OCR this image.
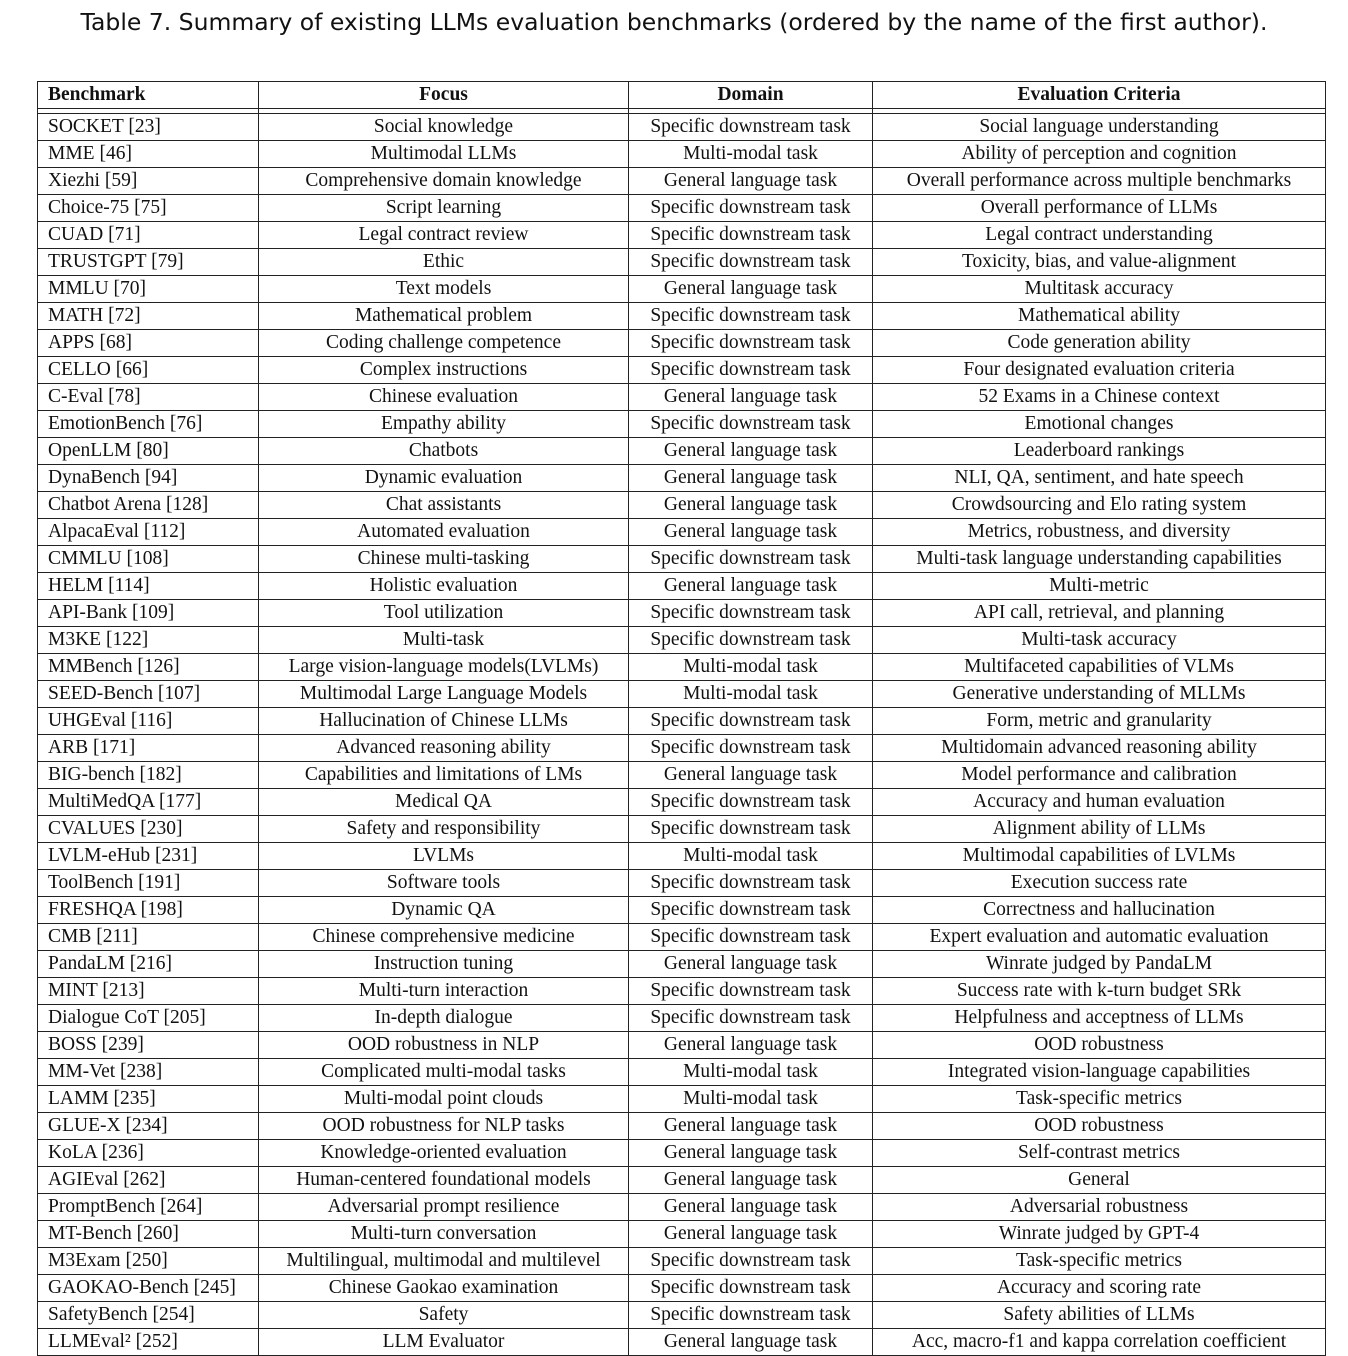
Table 7. Summary of existing LLMs evaluation benchmarks (ordered by the name of the first author).
Benchmark	Focus	Domain	Evaluation Criteria

SOCKET [23]	Social knowledge	Specific downstream task	Social language understanding
MME [46]	Multimodal LLMs	Multi-modal task	Ability of perception and cognition
Xiezhi [59]	Comprehensive domain knowledge	General language task	Overall performance across multiple benchmarks
Choice-75 [75]	Script learning	Specific downstream task	Overall performance of LLMs
CUAD [71]	Legal contract review	Specific downstream task	Legal contract understanding
TRUSTGPT [79]	Ethic	Specific downstream task	Toxicity, bias, and value-alignment
MMLU [70]	Text models	General language task	Multitask accuracy
MATH [72]	Mathematical problem	Specific downstream task	Mathematical ability
APPS [68]	Coding challenge competence	Specific downstream task	Code generation ability
CELLO [66]	Complex instructions	Specific downstream task	Four designated evaluation criteria
C-Eval [78]	Chinese evaluation	General language task	52 Exams in a Chinese context
EmotionBench [76]	Empathy ability	Specific downstream task	Emotional changes
OpenLLM [80]	Chatbots	General language task	Leaderboard rankings
DynaBench [94]	Dynamic evaluation	General language task	NLI, QA, sentiment, and hate speech
Chatbot Arena [128]	Chat assistants	General language task	Crowdsourcing and Elo rating system
AlpacaEval [112]	Automated evaluation	General language task	Metrics, robustness, and diversity
CMMLU [108]	Chinese multi-tasking	Specific downstream task	Multi-task language understanding capabilities
HELM [114]	Holistic evaluation	General language task	Multi-metric
API-Bank [109]	Tool utilization	Specific downstream task	API call, retrieval, and planning
M3KE [122]	Multi-task	Specific downstream task	Multi-task accuracy
MMBench [126]	Large vision-language models(LVLMs)	Multi-modal task	Multifaceted capabilities of VLMs
SEED-Bench [107]	Multimodal Large Language Models	Multi-modal task	Generative understanding of MLLMs
UHGEval [116]	Hallucination of Chinese LLMs	Specific downstream task	Form, metric and granularity
ARB [171]	Advanced reasoning ability	Specific downstream task	Multidomain advanced reasoning ability
BIG-bench [182]	Capabilities and limitations of LMs	General language task	Model performance and calibration
MultiMedQA [177]	Medical QA	Specific downstream task	Accuracy and human evaluation
CVALUES [230]	Safety and responsibility	Specific downstream task	Alignment ability of LLMs
LVLM-eHub [231]	LVLMs	Multi-modal task	Multimodal capabilities of LVLMs
ToolBench [191]	Software tools	Specific downstream task	Execution success rate
FRESHQA [198]	Dynamic QA	Specific downstream task	Correctness and hallucination
CMB [211]	Chinese comprehensive medicine	Specific downstream task	Expert evaluation and automatic evaluation
PandaLM [216]	Instruction tuning	General language task	Winrate judged by PandaLM
MINT [213]	Multi-turn interaction	Specific downstream task	Success rate with k-turn budget SRk
Dialogue CoT [205]	In-depth dialogue	Specific downstream task	Helpfulness and acceptness of LLMs
BOSS [239]	OOD robustness in NLP	General language task	OOD robustness
MM-Vet [238]	Complicated multi-modal tasks	Multi-modal task	Integrated vision-language capabilities
LAMM [235]	Multi-modal point clouds	Multi-modal task	Task-specific metrics
GLUE-X [234]	OOD robustness for NLP tasks	General language task	OOD robustness
KoLA [236]	Knowledge-oriented evaluation	General language task	Self-contrast metrics
AGIEval [262]	Human-centered foundational models	General language task	General
PromptBench [264]	Adversarial prompt resilience	General language task	Adversarial robustness
MT-Bench [260]	Multi-turn conversation	General language task	Winrate judged by GPT-4
M3Exam [250]	Multilingual, multimodal and multilevel	Specific downstream task	Task-specific metrics
GAOKAO-Bench [245]	Chinese Gaokao examination	Specific downstream task	Accuracy and scoring rate
SafetyBench [254]	Safety	Specific downstream task	Safety abilities of LLMs
LLMEval² [252]	LLM Evaluator	General language task	Acc, macro-f1 and kappa correlation coefficient
